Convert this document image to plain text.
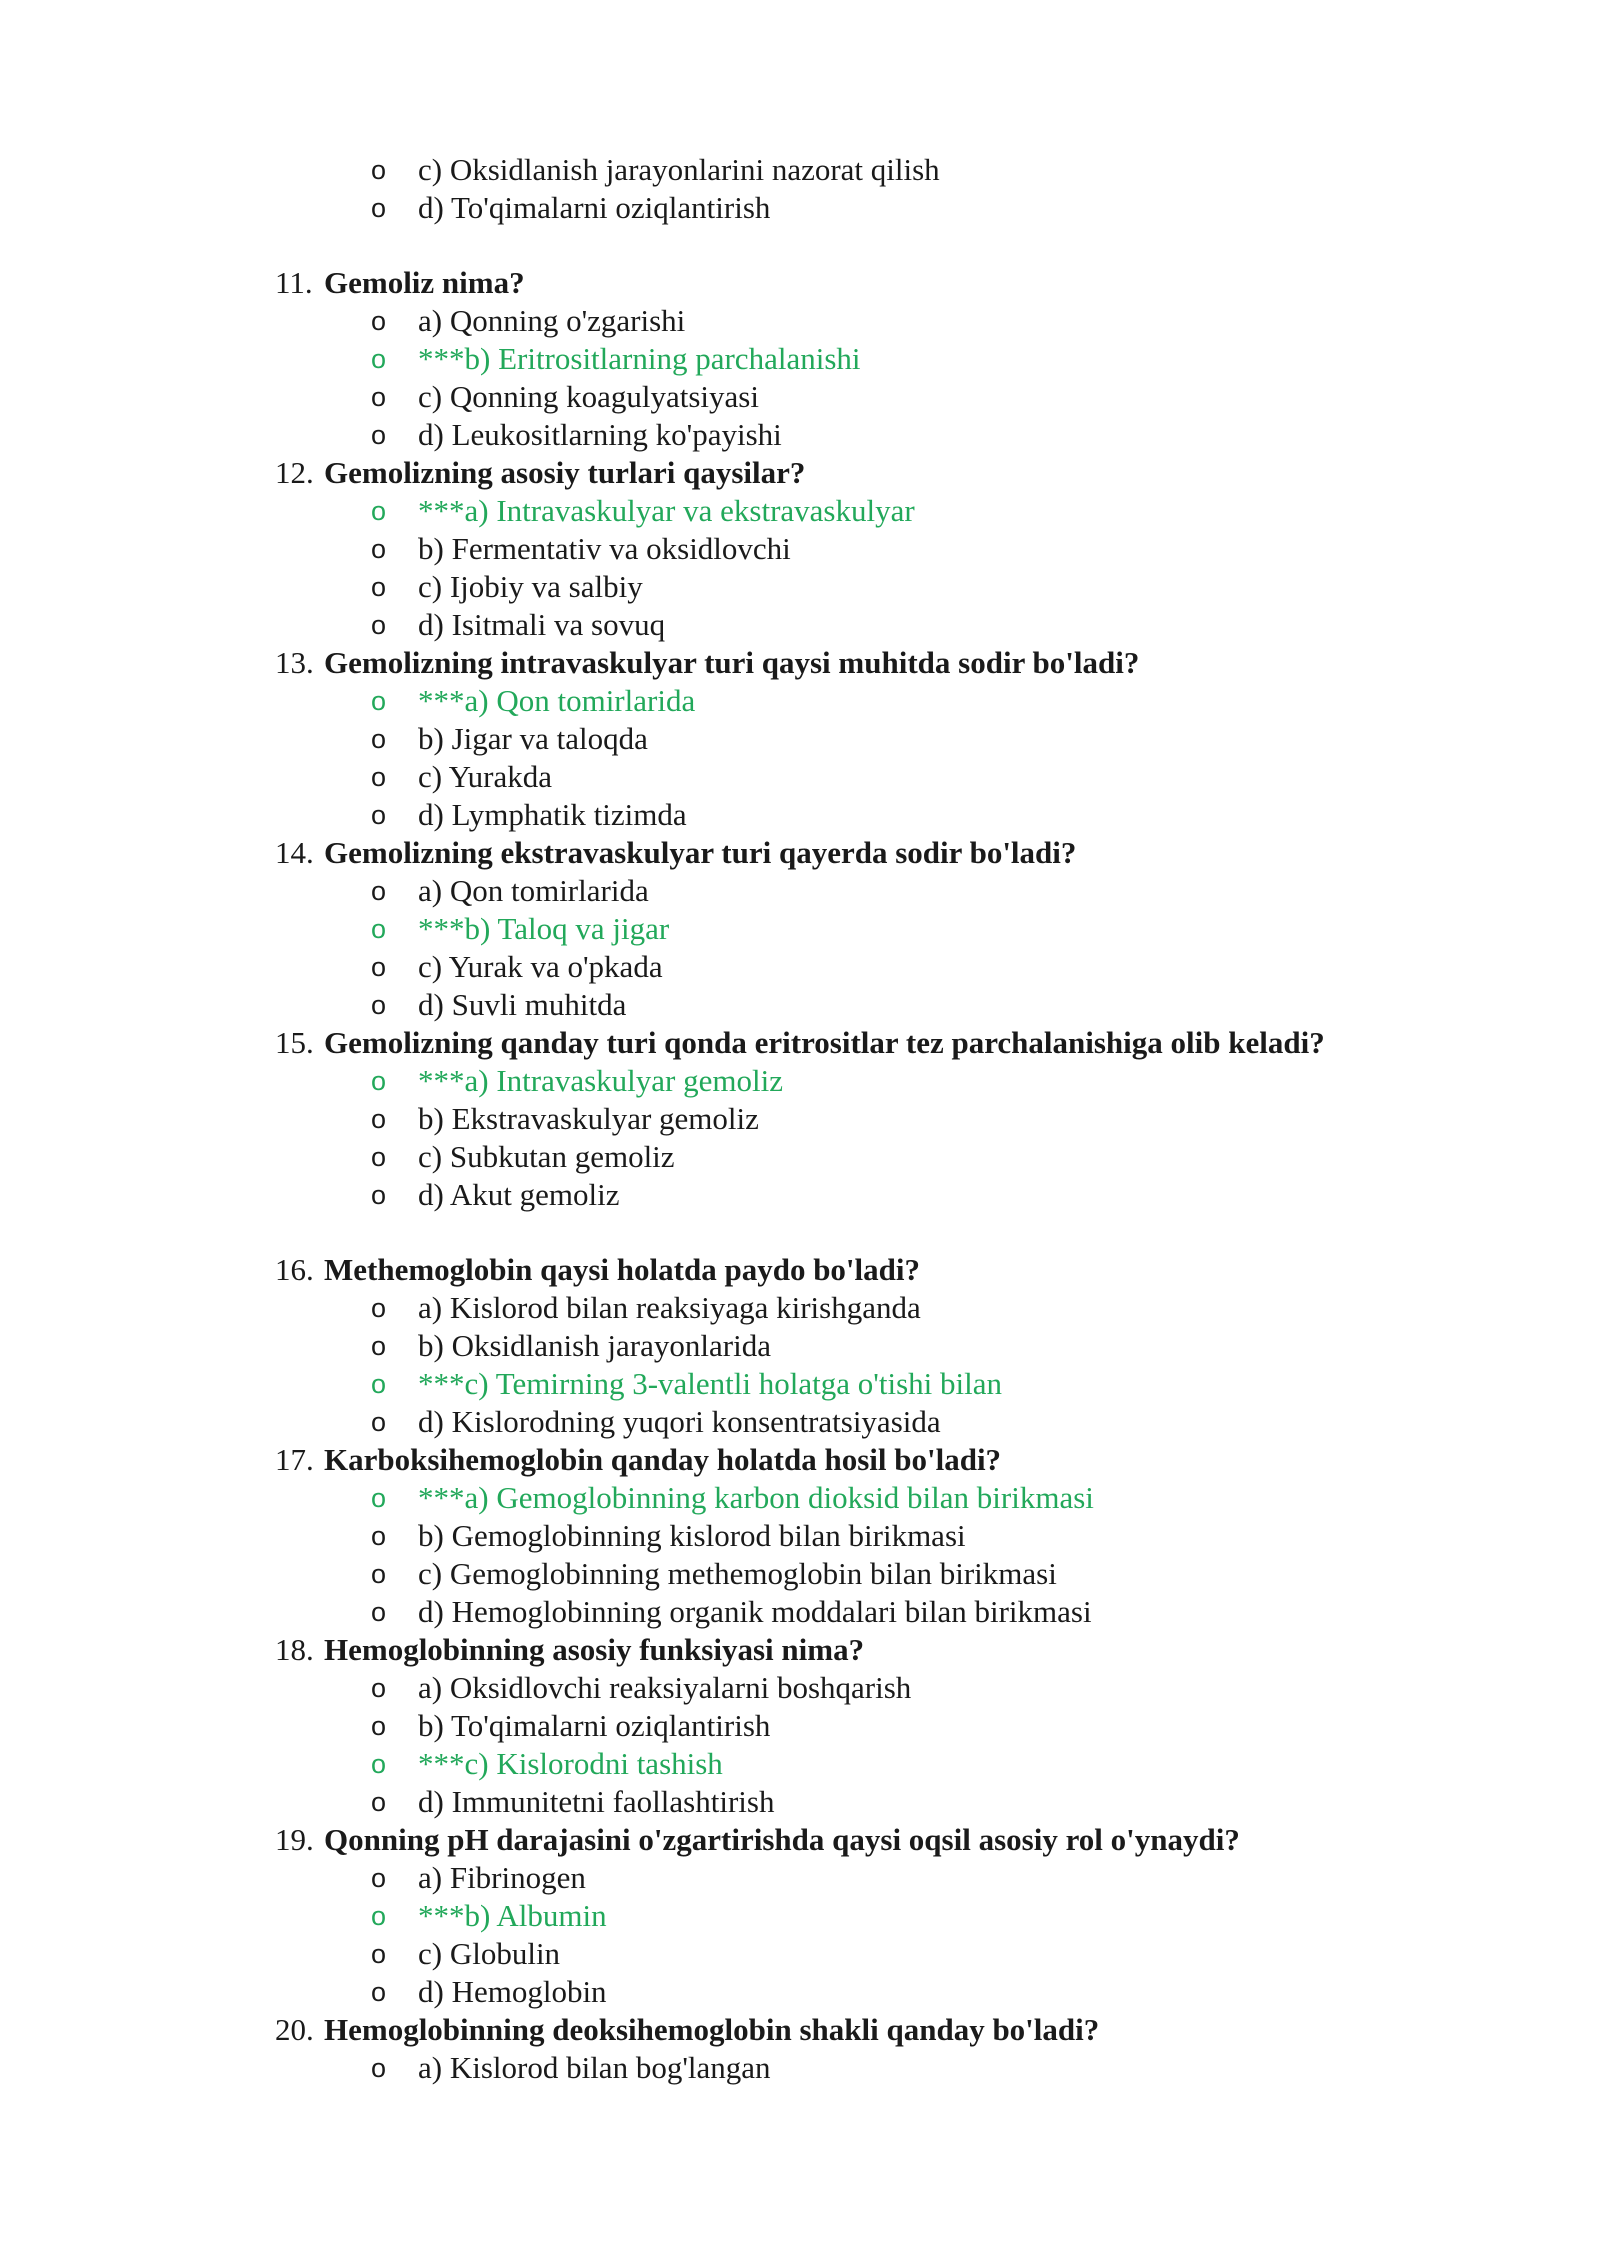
o c) Oksidlanish jarayonlarini nazorat qilish
o d) To'qimalarni oziqlantirish
11. Gemoliz nima?
o a) Qonning o'zgarishi
o ***b) Eritrositlarning parchalanishi
o c) Qonning koagulyatsiyasi
o d) Leukositlarning ko'payishi
12. Gemolizning asosiy turlari qaysilar?
o ***a) Intravaskulyar va ekstravaskulyar
o b) Fermentativ va oksidlovchi
o c) Ijobiy va salbiy
o d) Isitmali va sovuq
13. Gemolizning intravaskulyar turi qaysi muhitda sodir bo'ladi?
o ***a) Qon tomirlarida
o b) Jigar va taloqda
o c) Yurakda
o d) Lymphatik tizimda
14. Gemolizning ekstravaskulyar turi qayerda sodir bo'ladi?
o a) Qon tomirlarida
o ***b) Taloq va jigar
o c) Yurak va o'pkada
o d) Suvli muhitda
15. Gemolizning qanday turi qonda eritrositlar tez parchalanishiga olib keladi?
o ***a) Intravaskulyar gemoliz
o b) Ekstravaskulyar gemoliz
o c) Subkutan gemoliz
o d) Akut gemoliz
16. Methemoglobin qaysi holatda paydo bo'ladi?
o a) Kislorod bilan reaksiyaga kirishganda
o b) Oksidlanish jarayonlarida
o ***c) Temirning 3-valentli holatga o'tishi bilan
o d) Kislorodning yuqori konsentratsiyasida
17. Karboksihemoglobin qanday holatda hosil bo'ladi?
o ***a) Gemoglobinning karbon dioksid bilan birikmasi
o b) Gemoglobinning kislorod bilan birikmasi
o c) Gemoglobinning methemoglobin bilan birikmasi
o d) Hemoglobinning organik moddalari bilan birikmasi
18. Hemoglobinning asosiy funksiyasi nima?
o a) Oksidlovchi reaksiyalarni boshqarish
o b) To'qimalarni oziqlantirish
o ***c) Kislorodni tashish
o d) Immunitetni faollashtirish
19. Qonning pH darajasini o'zgartirishda qaysi oqsil asosiy rol o'ynaydi?
o a) Fibrinogen
o ***b) Albumin
o c) Globulin
o d) Hemoglobin
20. Hemoglobinning deoksihemoglobin shakli qanday bo'ladi?
o a) Kislorod bilan bog'langan
